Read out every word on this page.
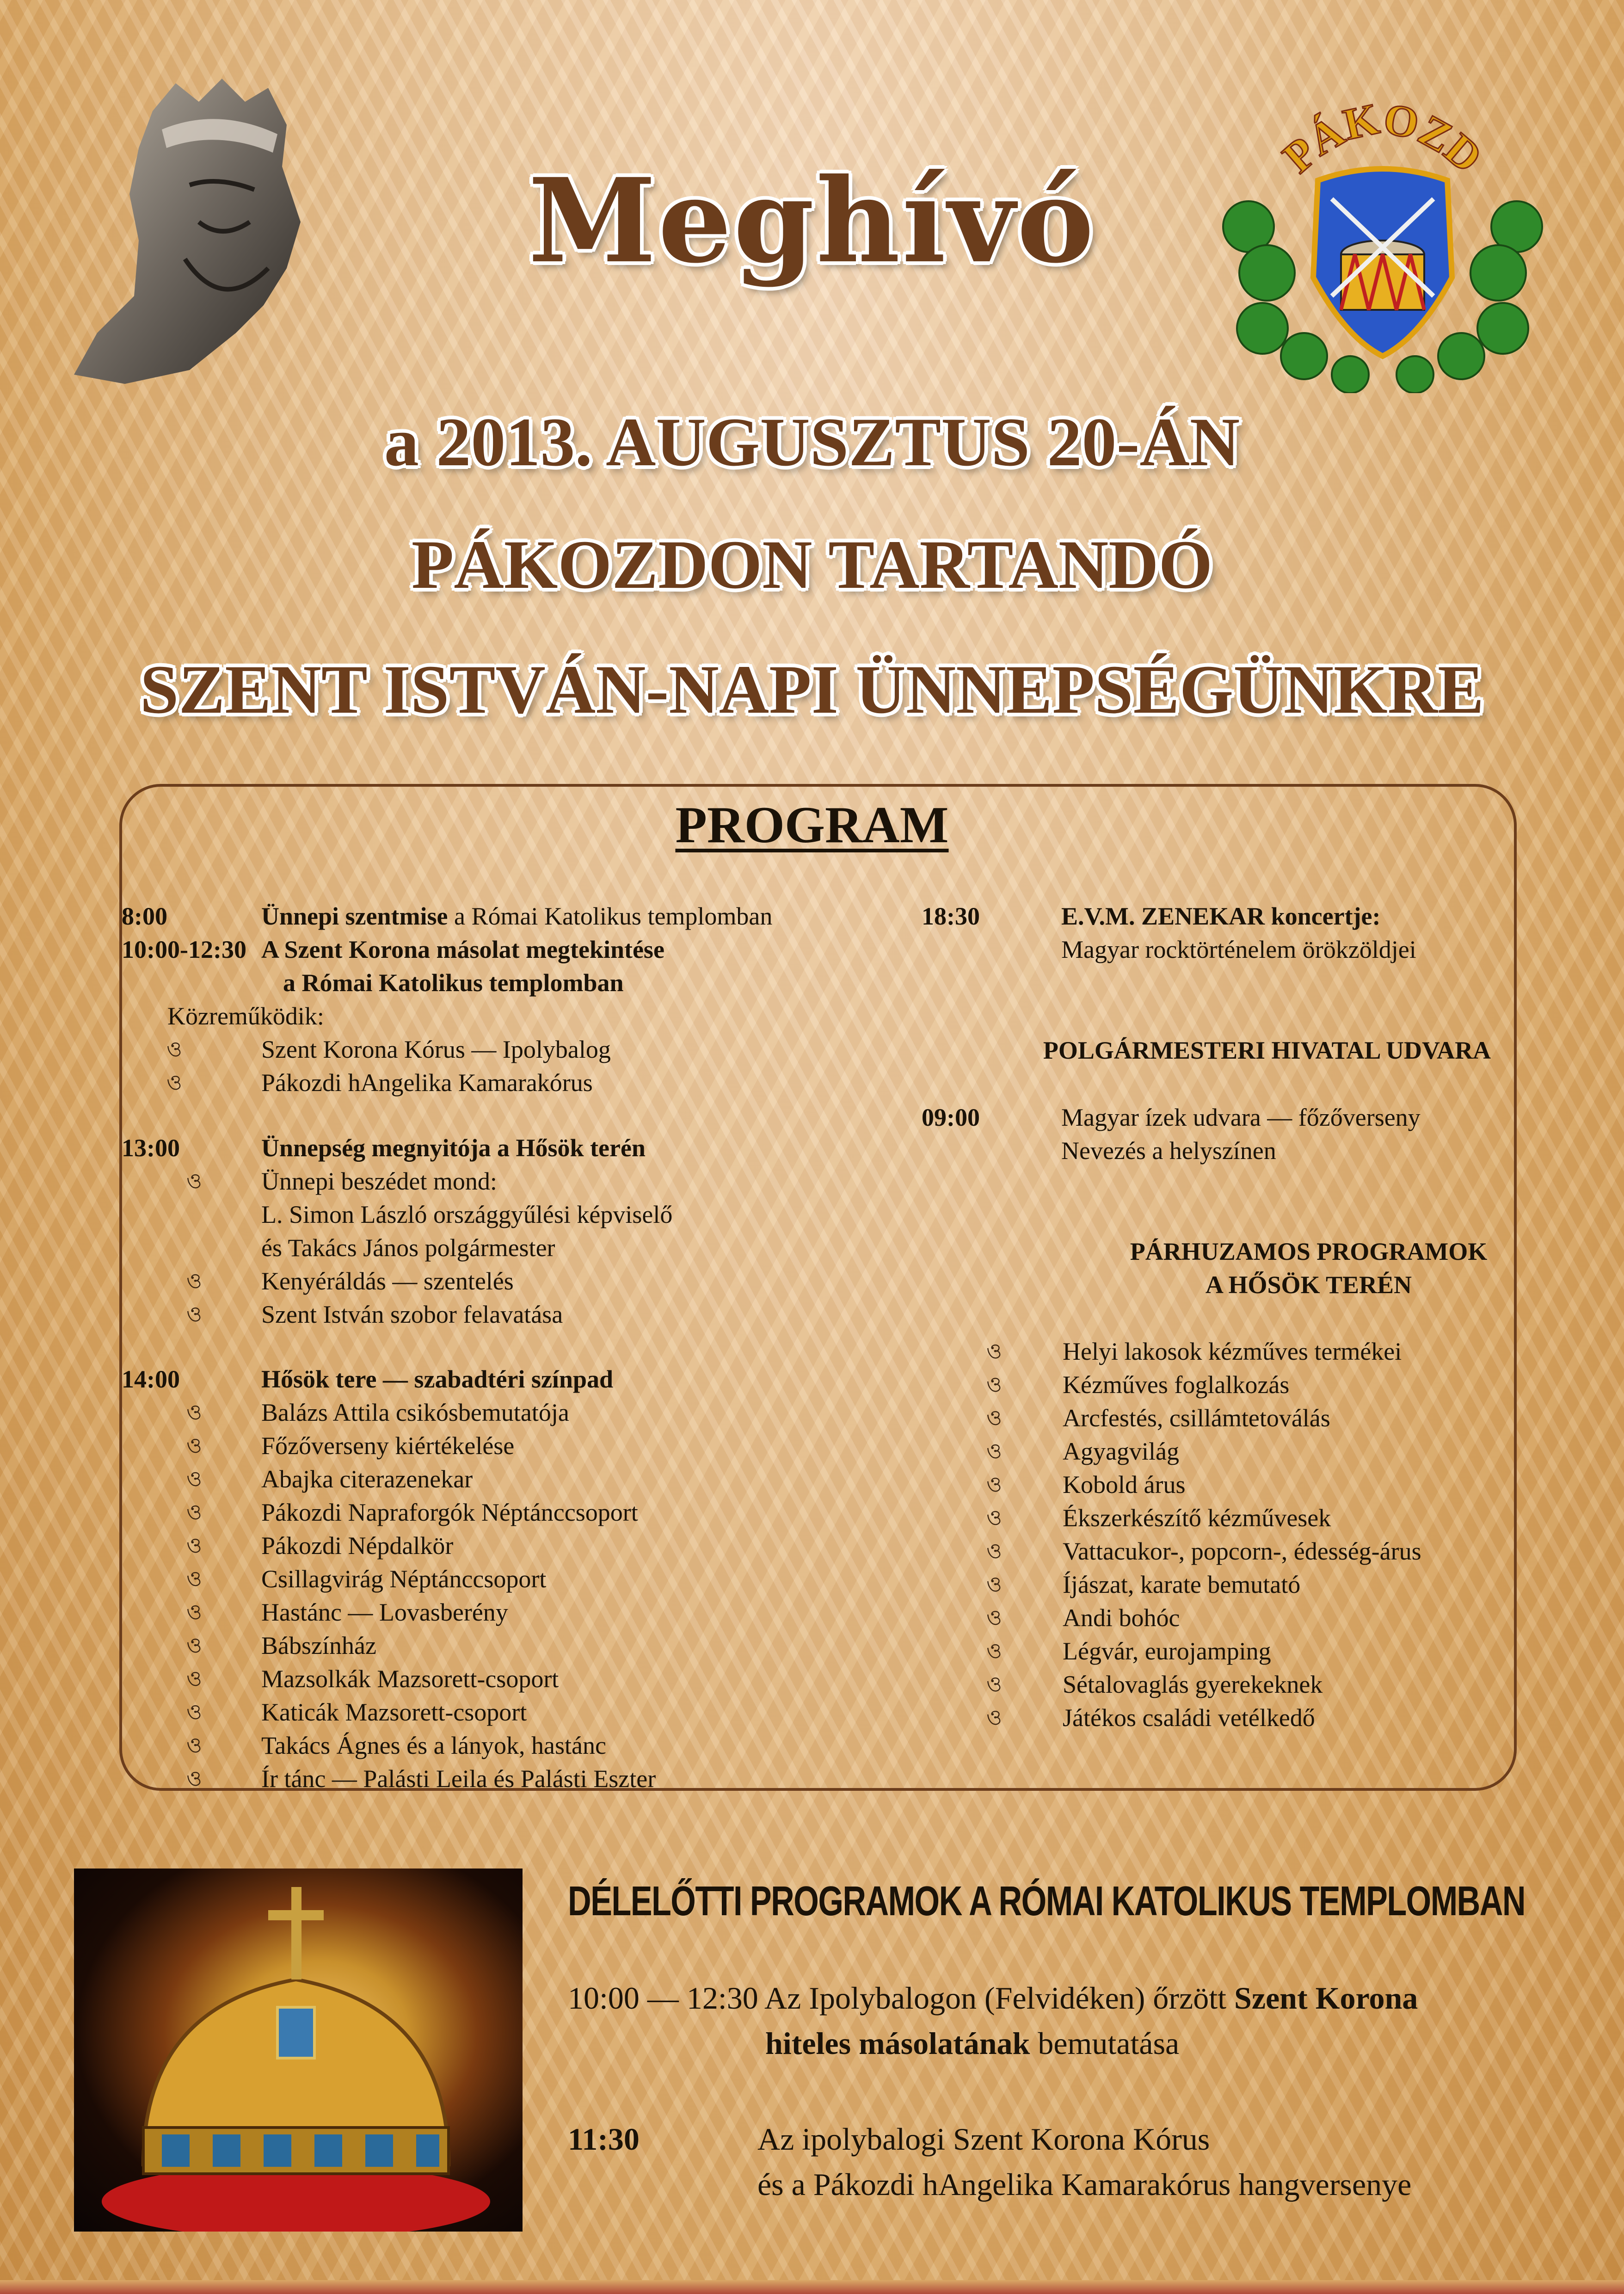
Meghívó	PÁKOZD
a 2013. AUGUSZTUS 20-ÁN
PÁKOZDON TARTANDÓ
SZENT ISTVÁN-NAPI ÜNNEPSÉGÜNKRE
PROGRAM
8:00	Ünnepi szentmise a Római Katolikus templomban
10:00-12:30 A Szent Korona másolat megtekintése
a Római Katolikus templomban
Közreműködik:
ও	Szent Korona Kórus — Ipolybalog
ও	Pákozdi hAngelika Kamarakórus
13:00	Ünnepség megnyitója a Hősök terén
ও Ünnepi beszédet mond:
L. Simon László országgyűlési képviselő
és Takács János polgármester
ও Kenyéráldás — szentelés
ও Szent István szobor felavatása
14:00	Hősök tere — szabadtéri színpad
ও Balázs Attila csikósbemutatója
ও Főzőverseny kiértékelése
ও Abajka citerazenekar
ও Pákozdi Napraforgók Néptánccsoport
ও Pákozdi Népdalkör
ও Csillagvirág Néptánccsoport
ও Hastánc — Lovasberény
ও Bábszínház
ও Mazsolkák Mazsorett-csoport
ও Katicák Mazsorett-csoport
ও Takács Ágnes és a lányok, hastánc
ও Ír tánc — Palásti Leila és Palásti Eszter
18:30	E.V.M. ZENEKAR koncertje:
Magyar rocktörténelem örökzöldjei
POLGÁRMESTERI HIVATAL UDVARA
09:00	Magyar ízek udvara — főzőverseny
Nevezés a helyszínen
PÁRHUZAMOS PROGRAMOK
A HŐSÖK TERÉN
ও Helyi lakosok kézműves termékei
ও Kézműves foglalkozás
ও Arcfestés, csillámtetoválás
ও Agyagvilág
ও Kobold árus
ও Ékszerkészítő kézművesek
ও Vattacukor-, popcorn-, édesség-árus
ও Íjászat, karate bemutató
ও Andi bohóc
ও Légvár, eurojamping
ও Sétalovaglás gyerekeknek
ও Játékos családi vetélkedő
DÉLELŐTTI PROGRAMOK A RÓMAI KATOLIKUS TEMPLOMBAN
10:00 — 12:30 Az Ipolybalogon (Felvidéken) őrzött Szent Korona
hiteles másolatának bemutatása
11:30	Az ipolybalogi Szent Korona Kórus
és a Pákozdi hAngelika Kamarakórus hangversenye
